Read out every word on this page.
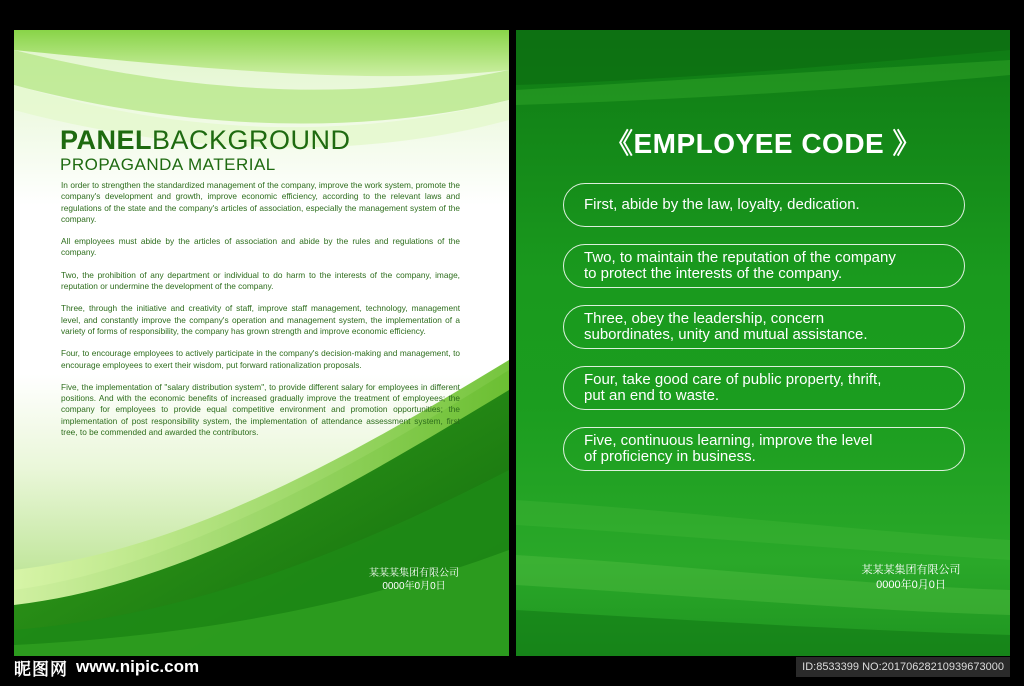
PANELBACKGROUND
PROPAGANDA MATERIAL

In order to strengthen the standardized management of the company, improve the work system, promote the company's development and growth, improve economic efficiency, according to the relevant laws and regulations of the state and the company's articles of association, especially the management system of the company.

All employees must abide by the articles of association and abide by the rules and regulations of the company.

Two, the prohibition of any department or individual to do harm to the interests of the company, image, reputation or undermine the development of the company.

Three, through the initiative and creativity of staff, improve staff management, technology, management level, and constantly improve the company's operation and management system, the implementation of a variety of forms of responsibility, the company has grown strength and improve economic efficiency.

Four, to encourage employees to actively participate in the company's decision-making and management, to encourage employees to exert their wisdom, put forward rationalization proposals.

Five, the implementation of "salary distribution system", to provide different salary for employees in different positions. And with the economic benefits of increased gradually improve the treatment of employees; the company for employees to provide equal competitive environment and promotion opportunities; the implementation of post responsibility system, the implementation of attendance assessment system, first tree, to be commended and awarded the contributors.

某某某集团有限公司
0000年0月0日
《EMPLOYEE CODE 》
First, abide by the law, loyalty, dedication.
Two, to maintain the reputation of the company
to protect the interests of the company.
Three, obey the leadership, concern
subordinates, unity and mutual assistance.
Four, take good care of public property, thrift,
put an end to waste.
Five, continuous learning, improve the level
of proficiency in business.
某某某集团有限公司
0000年0月0日
昵图网 www.nipic.com	ID:8533399 NO:20170628210939673000
